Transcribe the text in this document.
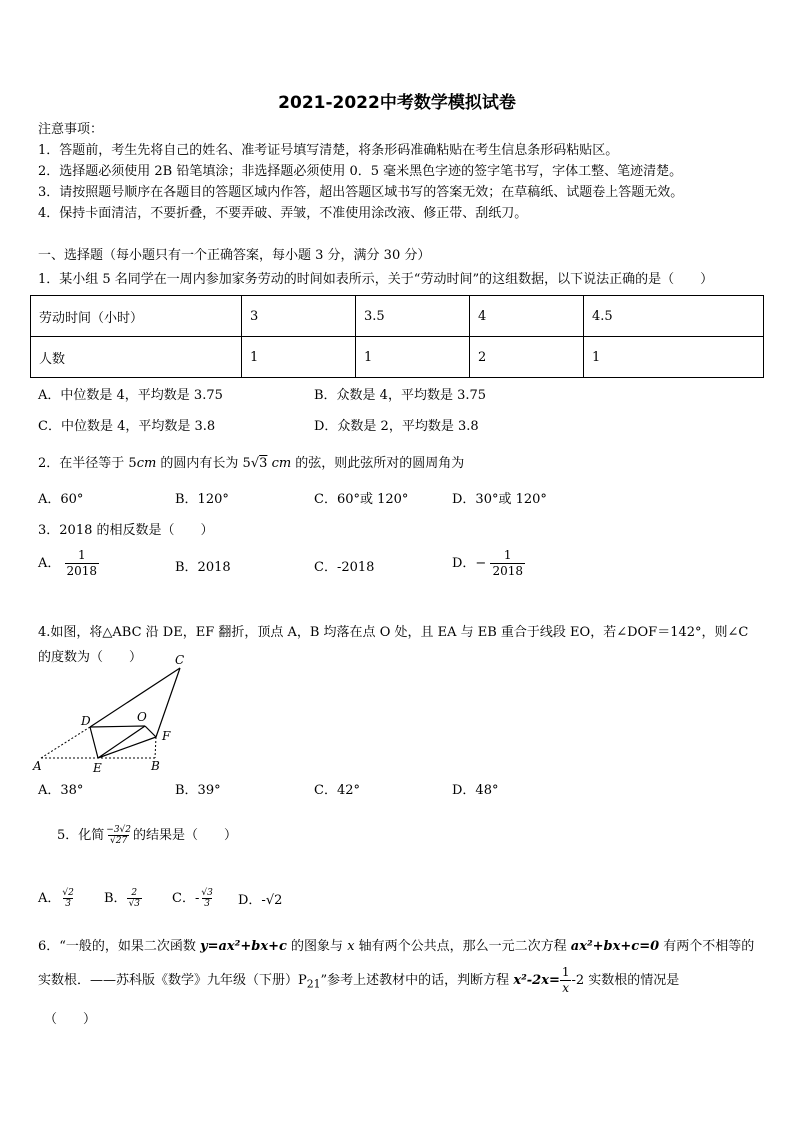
2021-2022中考数学模拟试卷
注意事项：
1．答题前，考生先将自己的姓名、准考证号填写清楚，将条形码准确粘贴在考生信息条形码粘贴区。
2．选择题必须使用 2B 铅笔填涂；非选择题必须使用 0．5 毫米黑色字迹的签字笔书写，字体工整、笔迹清楚。
3．请按照题号顺序在各题目的答题区域内作答，超出答题区域书写的答案无效；在草稿纸、试题卷上答题无效。
4．保持卡面清洁，不要折叠，不要弄破、弄皱，不准使用涂改液、修正带、刮纸刀。
一、选择题（每小题只有一个正确答案，每小题 3 分，满分 30 分）
1．某小组 5 名同学在一周内参加家务劳动的时间如表所示，关于“劳动时间”的这组数据，以下说法正确的是（　　）
劳动时间（小时）	3	3.5	4	4.5
人数	1	1	2	1
A．中位数是 4，平均数是 3.75	B．众数是 4，平均数是 3.75
C．中位数是 4，平均数是 3.8	D．众数是 2，平均数是 3.8
2．在半径等于 5cm 的圆内有长为 5√3 cm 的弦，则此弦所对的圆周角为
A．60°	B．120°	C．60°或 120°	D．30°或 120°
3．2018 的相反数是（　　）
A． $\frac{1}{2018}$	B．2018	C．-2018	D．− $\frac{1}{2018}$
4.如图，将△ABC 沿 DE，EF 翻折，顶点 A，B 均落在点 O 处，且 EA 与 EB 重合于线段 EO，若∠DOF＝142°，则∠C
的度数为（　　）
A	B
C
D
E
F
O
A．38°	B．39°	C．42°	D．48°
5．化简 $\frac{-3√2}{√27}$ 的结果是（　　）
A． $\frac{√2}{3}$ B． $\frac{2}{√3}$ C．- $\frac{√3}{3}$ D．-√2
6．“一般的，如果二次函数 y=ax²+bx+c 的图象与 x 轴有两个公共点，那么一元二次方程 ax²+bx+c=0 有两个不相等的
实数根．——苏科版《数学》九年级（下册）$P_{21}$”参考上述教材中的话，判断方程 $x^2-2x= \frac{1}{x} -2$ 实数根的情况是
（　　）
